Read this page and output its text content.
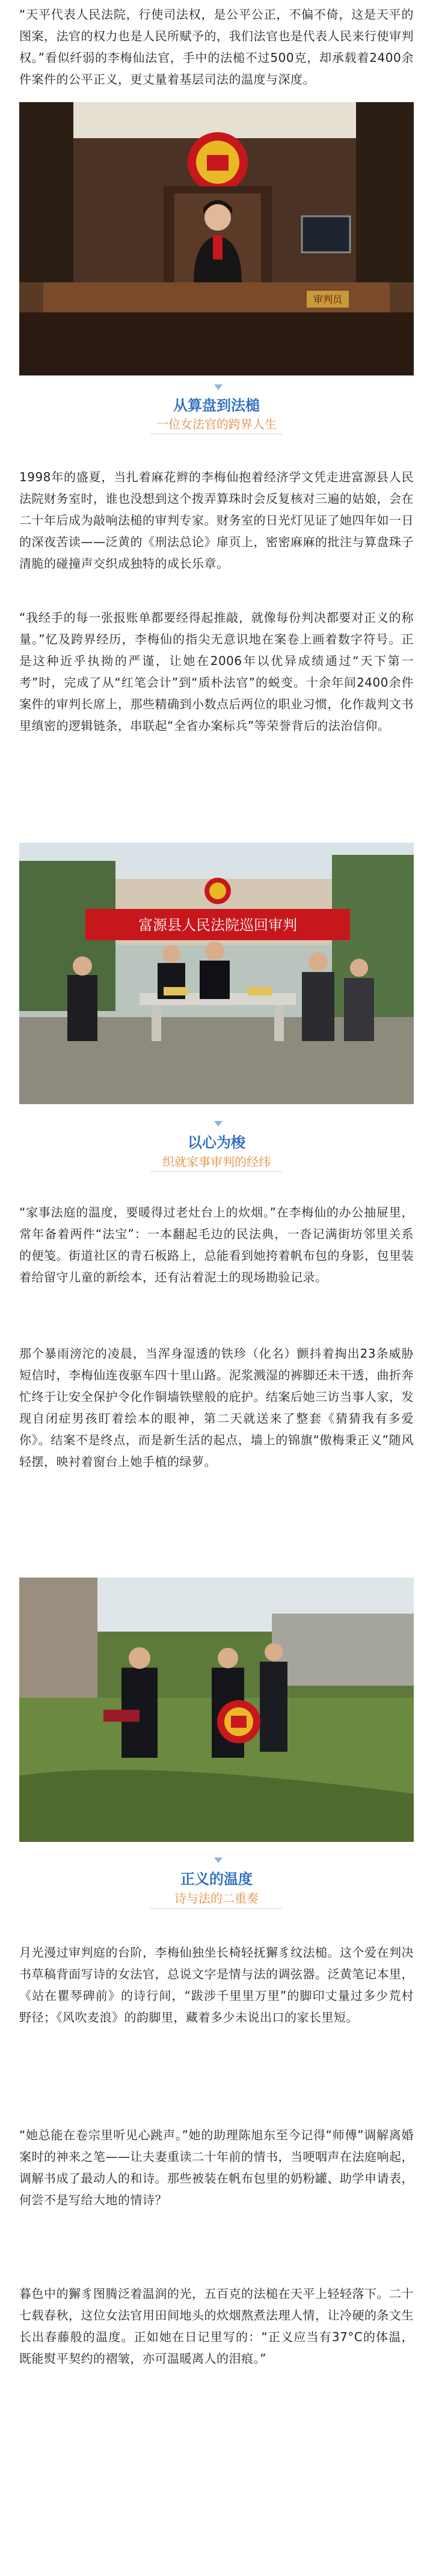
“天平代表人民法院，行使司法权，是公平公正，不偏不倚，这是天平的图案，法官的权力也是人民所赋予的，我们法官也是代表人民来行使审判权。”看似纤弱的李梅仙法官，手中的法槌不过500克，却承载着2400余件案件的公平正义，更丈量着基层司法的温度与深度。

审判员

从算盘到法槌

一位女法官的跨界人生

1998年的盛夏，当扎着麻花辫的李梅仙抱着经济学文凭走进富源县人民法院财务室时，谁也没想到这个拨弄算珠时会反复核对三遍的姑娘，会在二十年后成为敲响法槌的审判专家。财务室的日光灯见证了她四年如一日的深夜苦读——泛黄的《刑法总论》扉页上，密密麻麻的批注与算盘珠子清脆的碰撞声交织成独特的成长乐章。

“我经手的每一张报账单都要经得起推敲，就像每份判决都要对正义的称量。”忆及跨界经历，李梅仙的指尖无意识地在案卷上画着数字符号。正是这种近乎执拗的严谨，让她在2006年以优异成绩通过“天下第一考”时，完成了从“红笔会计”到“质朴法官”的蜕变。十余年间2400余件案件的审判长席上，那些精确到小数点后两位的职业习惯，化作裁判文书里缜密的逻辑链条，串联起“全省办案标兵”等荣誉背后的法治信仰。

富源县人民法院巡回审判

以心为梭

织就家事审判的经纬

“家事法庭的温度，要暖得过老灶台上的炊烟。”在李梅仙的办公抽屉里，常年备着两件“法宝”：一本翻起毛边的民法典，一沓记满街坊邻里关系的便笺。街道社区的青石板路上，总能看到她挎着帆布包的身影，包里装着给留守儿童的新绘本，还有沾着泥土的现场勘验记录。

那个暴雨滂沱的凌晨，当浑身湿透的铁珍（化名）颤抖着掏出23条威胁短信时，李梅仙连夜驱车四十里山路。泥浆溅湿的裤脚还未干透，曲折奔忙终于让安全保护令化作铜墙铁壁般的庇护。结案后她三访当事人家，发现自闭症男孩盯着绘本的眼神，第二天就送来了整套《猜猜我有多爱你》。结案不是终点，而是新生活的起点，墙上的锦旗“傲梅秉正义”随风轻摆，映衬着窗台上她手植的绿萝。

正义的温度

诗与法的二重奏

月光漫过审判庭的台阶，李梅仙独坐长椅轻抚獬豸纹法槌。这个爱在判决书草稿背面写诗的女法官，总说文字是情与法的调弦器。泛黄笔记本里，《站在瞿琴碑前》的诗行间，“跋涉千里里万里”的脚印丈量过多少荒村野径；《风吹麦浪》的韵脚里，藏着多少未说出口的家长里短。

“她总能在卷宗里听见心跳声。”她的助理陈旭东至今记得“师傅”调解离婚案时的神来之笔——让夫妻重读二十年前的情书，当哽咽声在法庭响起，调解书成了最动人的和诗。那些被装在帆布包里的奶粉罐、助学申请表，何尝不是写给大地的情诗？

暮色中的獬豸图腾泛着温润的光，五百克的法槌在天平上轻轻落下。二十七载春秋，这位女法官用田间地头的炊烟熬煮法理人情，让冷硬的条文生长出春藤般的温度。正如她在日记里写的：“正义应当有37°C的体温，既能熨平契约的褶皱，亦可温暖离人的泪痕。”
